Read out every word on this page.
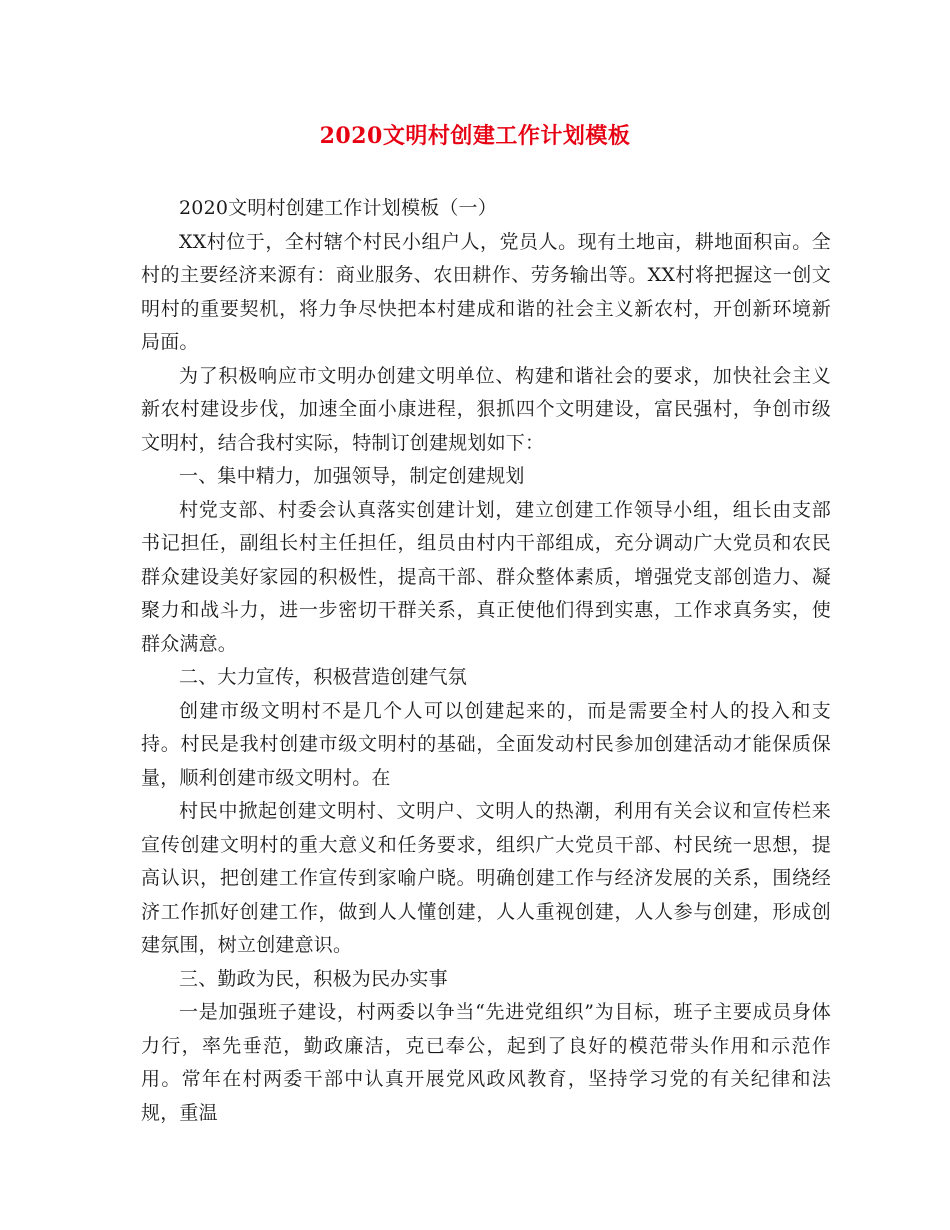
2020文明村创建工作计划模板

2020文明村创建工作计划模板（一）

XX村位于，全村辖个村民小组户人，党员人。现有土地亩，耕地面积亩。全村的主要经济来源有：商业服务、农田耕作、劳务输出等。XX村将把握这一创文明村的重要契机，将力争尽快把本村建成和谐的社会主义新农村，开创新环境新局面。

为了积极响应市文明办创建文明单位、构建和谐社会的要求，加快社会主义新农村建设步伐，加速全面小康进程，狠抓四个文明建设，富民强村，争创市级文明村，结合我村实际，特制订创建规划如下：

一、集中精力，加强领导，制定创建规划

村党支部、村委会认真落实创建计划，建立创建工作领导小组，组长由支部书记担任，副组长村主任担任，组员由村内干部组成，充分调动广大党员和农民群众建设美好家园的积极性，提高干部、群众整体素质，增强党支部创造力、凝聚力和战斗力，进一步密切干群关系，真正使他们得到实惠，工作求真务实，使群众满意。

二、大力宣传，积极营造创建气氛

创建市级文明村不是几个人可以创建起来的，而是需要全村人的投入和支持。村民是我村创建市级文明村的基础，全面发动村民参加创建活动才能保质保量，顺利创建市级文明村。在

村民中掀起创建文明村、文明户、文明人的热潮，利用有关会议和宣传栏来宣传创建文明村的重大意义和任务要求，组织广大党员干部、村民统一思想，提高认识，把创建工作宣传到家喻户晓。明确创建工作与经济发展的关系，围绕经济工作抓好创建工作，做到人人懂创建，人人重视创建，人人参与创建，形成创建氛围，树立创建意识。

三、勤政为民，积极为民办实事

一是加强班子建设，村两委以争当“先进党组织”为目标，班子主要成员身体力行，率先垂范，勤政廉洁，克已奉公，起到了良好的模范带头作用和示范作用。常年在村两委干部中认真开展党风政风教育，坚持学习党的有关纪律和法规，重温
